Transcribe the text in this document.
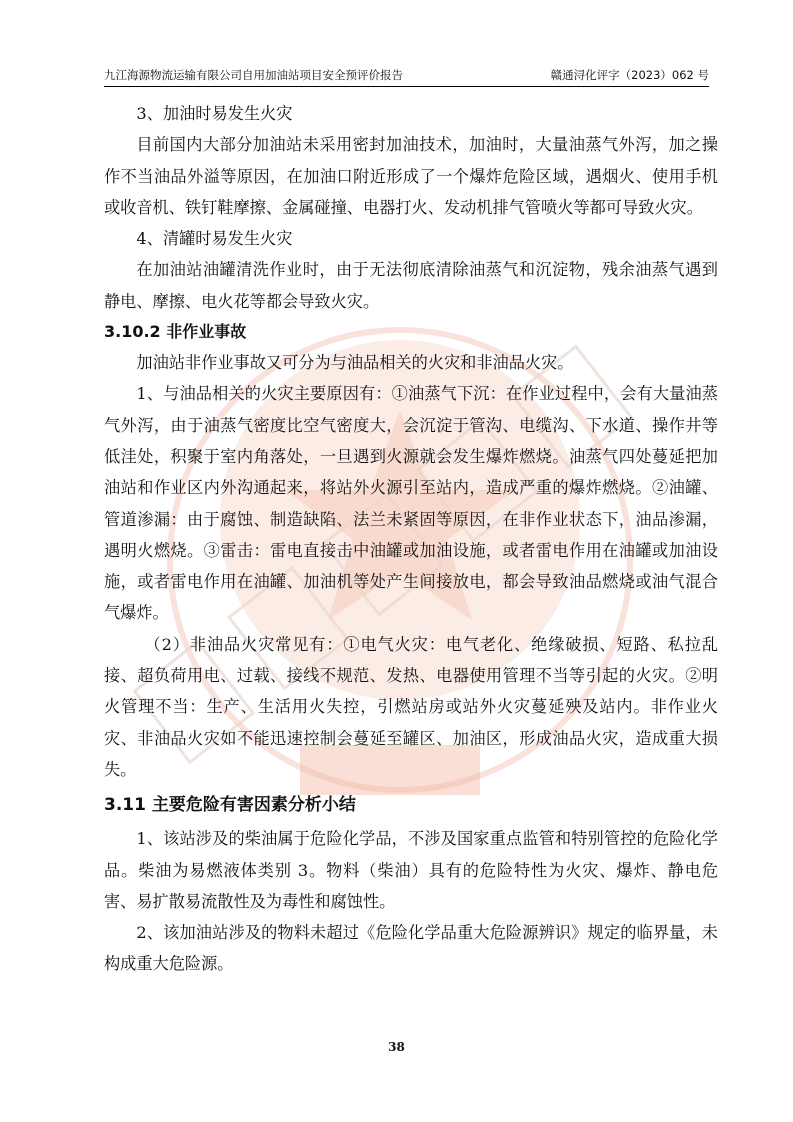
九江海源物流运输有限公司自用加油站项目安全预评价报告	赣通浔化评字（2023）062 号

3、加油时易发生火灾

目前国内大部分加油站未采用密封加油技术，加油时，大量油蒸气外泻，加之操作不当油品外溢等原因，在加油口附近形成了一个爆炸危险区域，遇烟火、使用手机或收音机、铁钉鞋摩擦、金属碰撞、电器打火、发动机排气管喷火等都可导致火灾。

4、清罐时易发生火灾

在加油站油罐清洗作业时，由于无法彻底清除油蒸气和沉淀物，残余油蒸气遇到静电、摩擦、电火花等都会导致火灾。

3.10.2 非作业事故

加油站非作业事故又可分为与油品相关的火灾和非油品火灾。

1、与油品相关的火灾主要原因有：①油蒸气下沉：在作业过程中，会有大量油蒸气外泻，由于油蒸气密度比空气密度大，会沉淀于管沟、电缆沟、下水道、操作井等低洼处，积聚于室内角落处，一旦遇到火源就会发生爆炸燃烧。油蒸气四处蔓延把加油站和作业区内外沟通起来，将站外火源引至站内，造成严重的爆炸燃烧。②油罐、管道渗漏：由于腐蚀、制造缺陷、法兰未紧固等原因，在非作业状态下，油品渗漏，遇明火燃烧。③雷击：雷电直接击中油罐或加油设施，或者雷电作用在油罐或加油设施，或者雷电作用在油罐、加油机等处产生间接放电，都会导致油品燃烧或油气混合气爆炸。

（2）非油品火灾常见有：①电气火灾：电气老化、绝缘破损、短路、私拉乱接、超负荷用电、过载、接线不规范、发热、电器使用管理不当等引起的火灾。②明火管理不当：生产、生活用火失控，引燃站房或站外火灾蔓延殃及站内。非作业火灾、非油品火灾如不能迅速控制会蔓延至罐区、加油区，形成油品火灾，造成重大损失。

3.11 主要危险有害因素分析小结

1、该站涉及的柴油属于危险化学品，不涉及国家重点监管和特别管控的危险化学品。柴油为易燃液体类别 3。物料（柴油）具有的危险特性为火灾、爆炸、静电危害、易扩散易流散性及为毒性和腐蚀性。

2、该加油站涉及的物料未超过《危险化学品重大危险源辨识》规定的临界量，未构成重大危险源。

38
